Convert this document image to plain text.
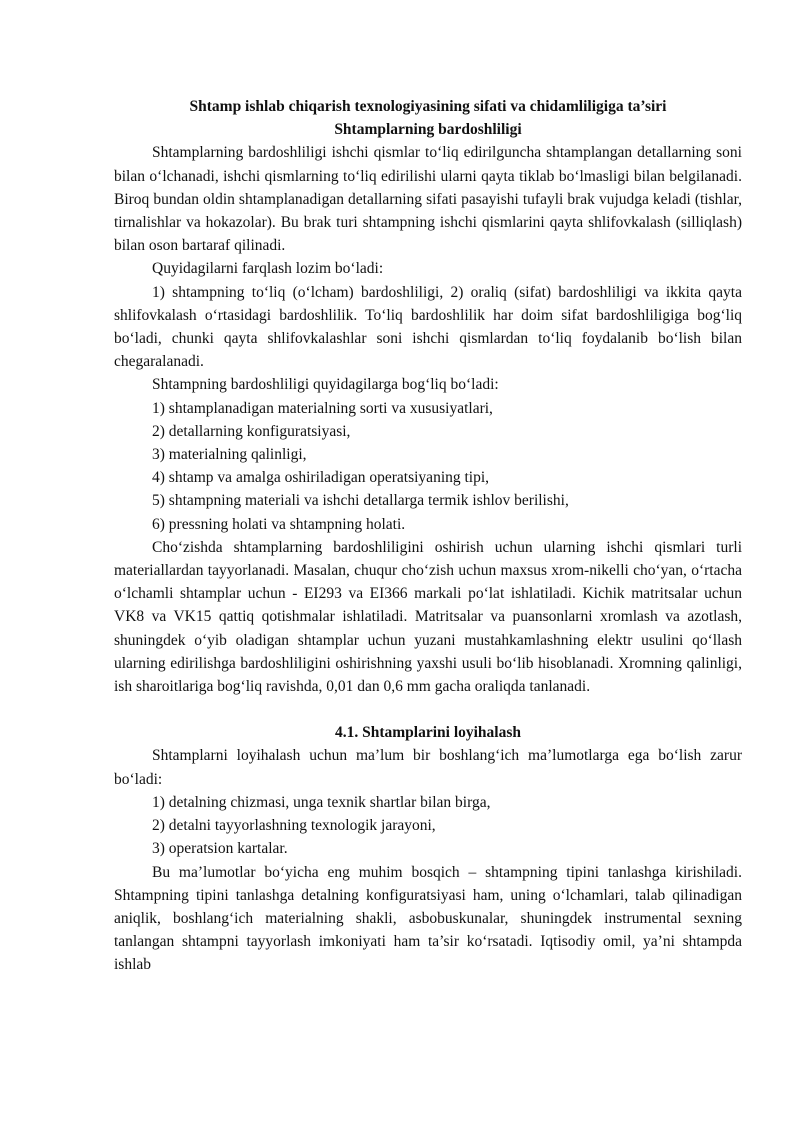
Shtamp ishlab chiqarish texnologiyasining sifati va chidamliligiga ta’siri
Shtamplarning bardoshliligi

Shtamplarning bardoshliligi ishchi qismlar to‘liq edirilguncha shtamplangan detallarning soni bilan o‘lchanadi, ishchi qismlarning to‘liq edirilishi ularni qayta tiklab bo‘lmasligi bilan belgilanadi. Biroq bundan oldin shtamplanadigan detallarning sifati pasayishi tufayli brak vujudga keladi (tishlar, tirnalishlar va hokazolar). Bu brak turi shtampning ishchi qismlarini qayta shlifovkalash (silliqlash) bilan oson bartaraf qilinadi.

Quyidagilarni farqlash lozim bo‘ladi:

1) shtampning to‘liq (o‘lcham) bardoshliligi, 2) oraliq (sifat) bardoshliligi va ikkita qayta shlifovkalash o‘rtasidagi bardoshlilik. To‘liq bardoshlilik har doim sifat bardoshliligiga bog‘liq bo‘ladi, chunki qayta shlifovkalashlar soni ishchi qismlardan to‘liq foydalanib bo‘lish bilan chegaralanadi.

Shtampning bardoshliligi quyidagilarga bog‘liq bo‘ladi:

1) shtamplanadigan materialning sorti va xususiyatlari,
2) detallarning konfiguratsiyasi,
3) materialning qalinligi,
4) shtamp va amalga oshiriladigan operatsiyaning tipi,
5) shtampning materiali va ishchi detallarga termik ishlov berilishi,
6) pressning holati va shtampning holati.

Cho‘zishda shtamplarning bardoshliligini oshirish uchun ularning ishchi qismlari turli materiallardan tayyorlanadi. Masalan, chuqur cho‘zish uchun maxsus xrom-nikelli cho‘yan, o‘rtacha o‘lchamli shtamplar uchun - EI293 va EI366 markali po‘lat ishlatiladi. Kichik matritsalar uchun VK8 va VK15 qattiq qotishmalar ishlatiladi. Matritsalar va puansonlarni xromlash va azotlash, shuningdek o‘yib oladigan shtamplar uchun yuzani mustahkamlashning elektr usulini qo‘llash ularning edirilishga bardoshliligini oshirishning yaxshi usuli bo‘lib hisoblanadi. Xromning qalinligi, ish sharoitlariga bog‘liq ravishda, 0,01 dan 0,6 mm gacha oraliqda tanlanadi.

4.1. Shtamplarini loyihalash

Shtamplarni loyihalash uchun ma’lum bir boshlang‘ich ma’lumotlarga ega bo‘lish zarur bo‘ladi:

1) detalning chizmasi, unga texnik shartlar bilan birga,
2) detalni tayyorlashning texnologik jarayoni,
3) operatsion kartalar.

Bu ma’lumotlar bo‘yicha eng muhim bosqich – shtampning tipini tanlashga kirishiladi. Shtampning tipini tanlashga detalning konfiguratsiyasi ham, uning o‘lchamlari, talab qilinadigan aniqlik, boshlang‘ich materialning shakli, asbobuskunalar, shuningdek instrumental sexning tanlangan shtampni tayyorlash imkoniyati ham ta’sir ko‘rsatadi. Iqtisodiy omil, ya’ni shtampda ishlab
